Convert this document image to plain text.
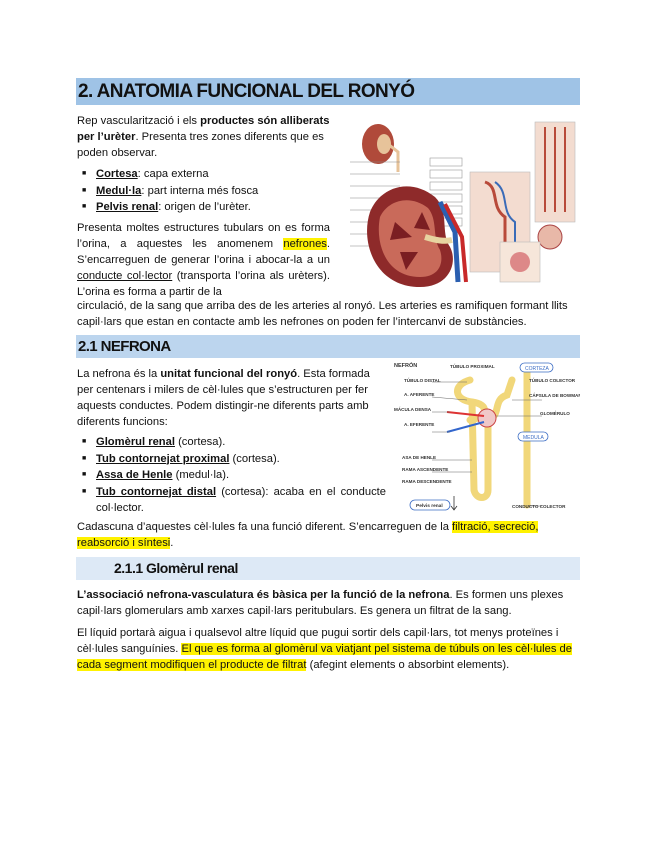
2. ANATOMIA FUNCIONAL DEL RONYÓ
Rep vascularització i els productes són alliberats per l’urèter. Presenta tres zones diferents que es poden observar.
■ Cortesa: capa externa
■ Medul·la: part interna més fosca
■ Pelvis renal: origen de l’urèter.
Presenta moltes estructures tubulars on es forma l’orina, a aquestes les anomenem nefrones. S’encarreguen de generar l’orina i abocar-la a un conducte col·lector (transporta l’orina als urèters). L’orina es forma a partir de la
circulació, de la sang que arriba des de les arteries al ronyó. Les arteries es ramifiquen formant llits capil·lars que estan en contacte amb les nefrones on poden fer l’intercanvi de substàncies.
2.1 NEFRONA
La nefrona és la unitat funcional del ronyó. Esta formada per centenars i milers de cèl·lules que s’estructuren per fer aquests conductes. Podem distingir-ne diferents parts amb diferents funcions:
■ Glomèrul renal (cortesa).
■ Tub contornejat proximal (cortesa).
■ Assa de Henle (medul·la).
■ Tub contornejat distal (cortesa): acaba en el conducte col·lector.
NEFRÓN	TÚBULO PROXIMAL
TÚBULO DISTAL
A. AFERENTE
MÁCULA DENSA
A. EFERENTE
ASA DE HENLE
RAMA ASCENDENTE
RAMA DESCENDENTE
TÚBULO COLECTOR
CÁPSULA DE BOWMAN
GLOMÉRULO
CONDUCTO COLECTOR
CORTEZA
MEDULA
Pelvis renal
Cadascuna d’aquestes cèl·lules fa una funció diferent. S’encarreguen de la filtració, secreció,
reabsorció i síntesi.
2.1.1 Glomèrul renal
L’associació nefrona-vasculatura és bàsica per la funció de la nefrona. Es formen uns plexes capil·lars glomerulars amb xarxes capil·lars peritubulars. Es genera un filtrat de la sang.
El líquid portarà aigua i qualsevol altre líquid que pugui sortir dels capil·lars, tot menys proteïnes i cèl·lules sanguínies. El que es forma al glomèrul va viatjant pel sistema de túbuls on les cèl·lules de cada segment modifiquen el producte de filtrat (afegint elements o absorbint elements).
